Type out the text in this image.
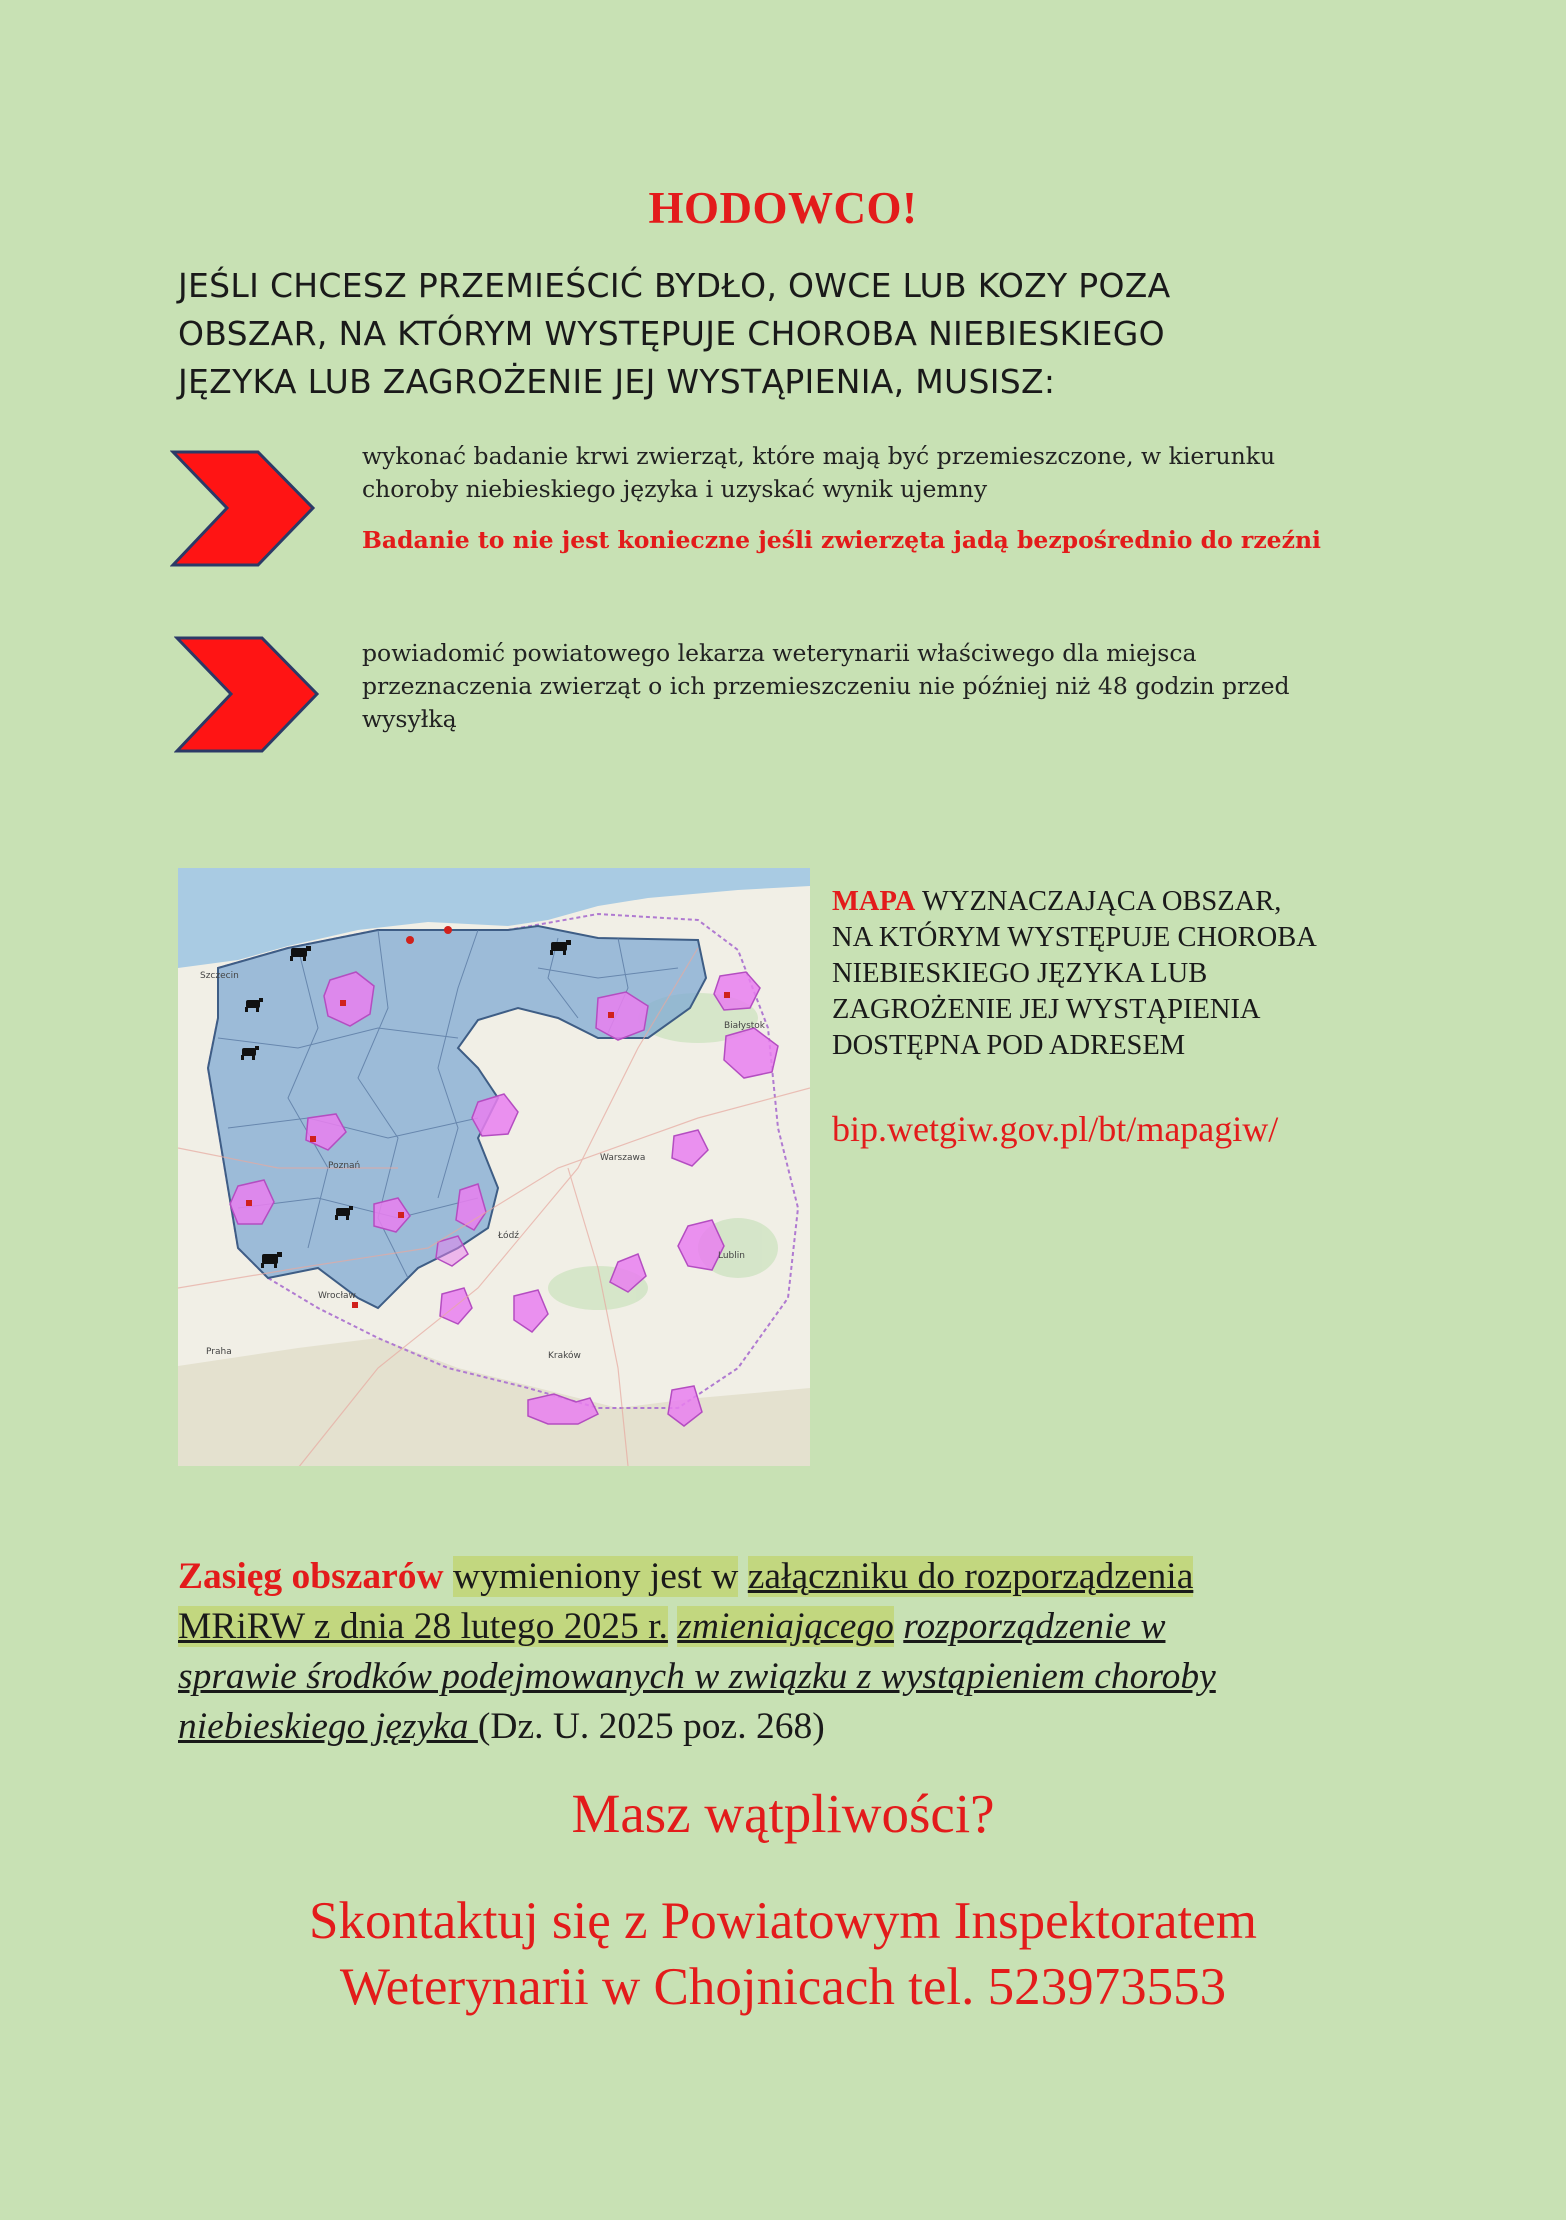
HODOWCO!
JEŚLI CHCESZ PRZEMIEŚCIĆ BYDŁO, OWCE LUB KOZY POZA
OBSZAR, NA KTÓRYM WYSTĘPUJE CHOROBA NIEBIESKIEGO
JĘZYKA LUB ZAGROŻENIE JEJ WYSTĄPIENIA, MUSISZ:
wykonać badanie krwi zwierząt, które mają być przemieszczone, w kierunku
choroby niebieskiego języka i uzyskać wynik ujemny
Badanie to nie jest konieczne jeśli zwierzęta jadą bezpośrednio do rzeźni
powiadomić powiatowego lekarza weterynarii właściwego dla miejsca
przeznaczenia zwierząt o ich przemieszczeniu nie później niż 48 godzin przed
wysyłką
Warszawa
Poznań
Łódź
Kraków
Wrocław
Szczecin
Białystok
Lublin
Praha
MAPA WYZNACZAJĄCA OBSZAR,
NA KTÓRYM WYSTĘPUJE CHOROBA
NIEBIESKIEGO JĘZYKA LUB
ZAGROŻENIE JEJ WYSTĄPIENIA
DOSTĘPNA POD ADRESEM
bip.wetgiw.gov.pl/bt/mapagiw/
Zasięg obszarów wymieniony jest w załączniku do rozporządzenia
MRiRW z dnia 28 lutego 2025 r. zmieniającego rozporządzenie w
sprawie środków podejmowanych w związku z wystąpieniem choroby
niebieskiego języka (Dz. U. 2025 poz. 268)
Masz wątpliwości?
Skontaktuj się z Powiatowym Inspektoratem
Weterynarii w Chojnicach tel. 523973553
